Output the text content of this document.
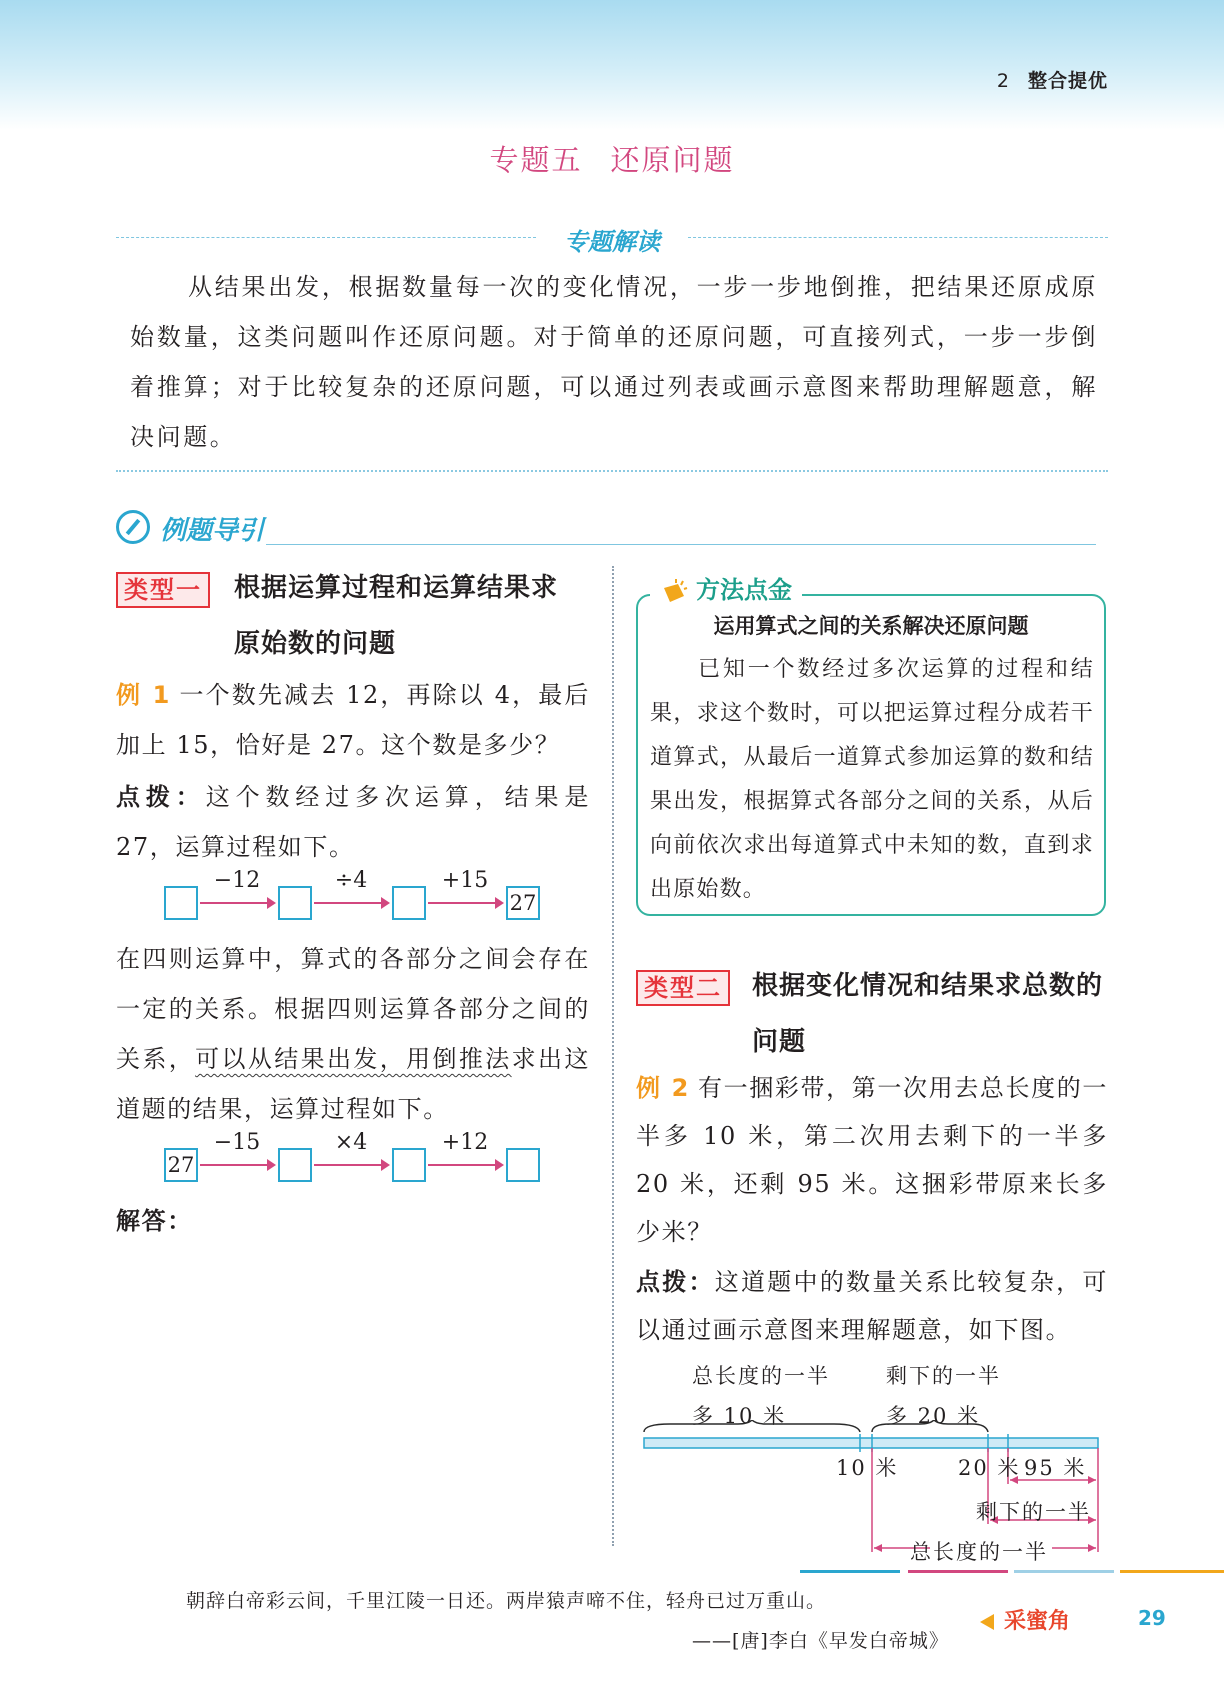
2 整合提优
专题五 还原问题
专题解读

从结果出发，根据数量每一次的变化情况，一步一步地倒推，把结果还原成原始数量，这类问题叫作还原问题。对于简单的还原问题，可直接列式，一步一步倒着推算；对于比较复杂的还原问题，可以通过列表或画示意图来帮助理解题意，解决问题。

例题导引
类型一	根据运算过程和运算结果求
原始数的问题

例 1 一个数先减去 12，再除以 4，最后加上 15，恰好是 27。这个数是多少？

点拨：这个数经过多次运算，结果是 27，运算过程如下。

−12	÷4	+15
27

在四则运算中，算式的各部分之间会存在一定的关系。根据四则运算各部分之间的关系，可以从结果出发，用倒推法求出这道题的结果，运算过程如下。

27
−15	×4	+12
解答：
方法点金
运用算式之间的关系解决还原问题

已知一个数经过多次运算的过程和结果，求这个数时，可以把运算过程分成若干道算式，从最后一道算式参加运算的数和结果出发，根据算式各部分之间的关系，从后向前依次求出每道算式中未知的数，直到求出原始数。

类型二	根据变化情况和结果求总数的
问题

例 2 有一捆彩带，第一次用去总长度的一半多 10 米，第二次用去剩下的一半多 20 米，还剩 95 米。这捆彩带原来长多少米？

点拨：这道题中的数量关系比较复杂，可以通过画示意图来理解题意，如下图。

总长度的一半
多 10 米
剩下的一半
多 20 米
10 米	20 米 95 米
剩下的一半
总长度的一半
朝辞白帝彩云间，千里江陵一日还。两岸猿声啼不住，轻舟已过万重山。
——[唐]李白《早发白帝城》
采蜜角	29
